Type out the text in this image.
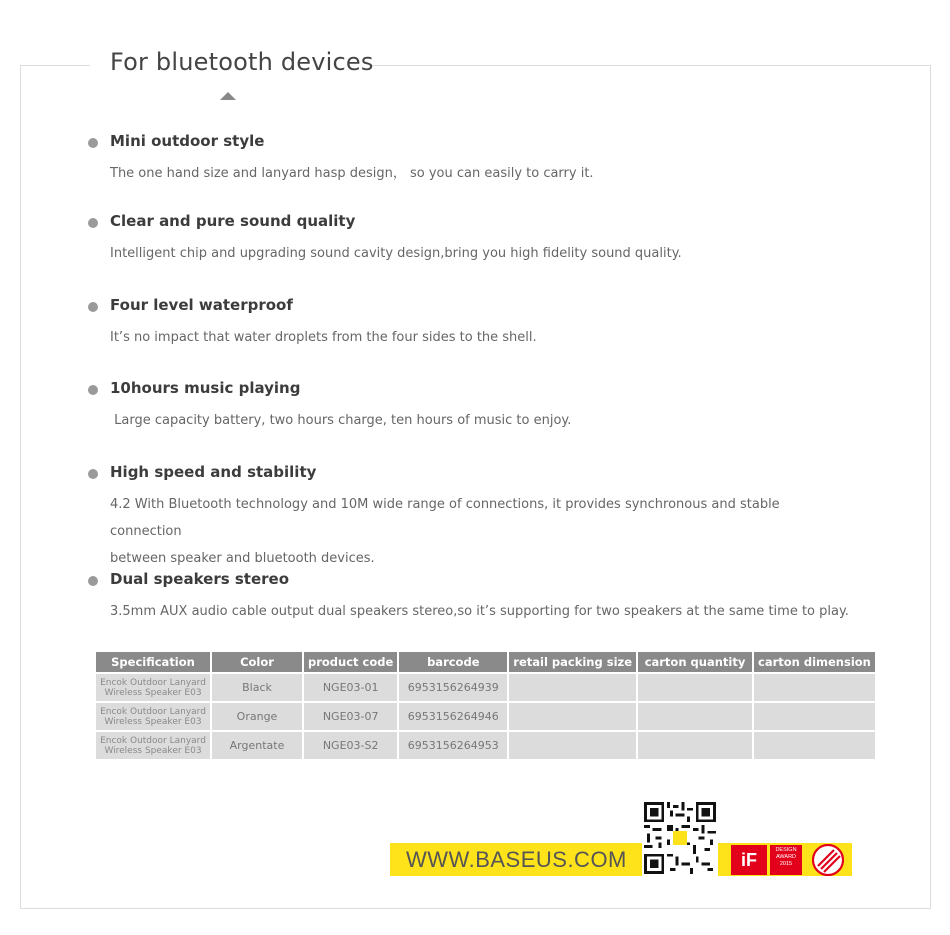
For bluetooth devices
Mini outdoor style
The one hand size and lanyard hasp design， so you can easily to carry it.
Clear and pure sound quality
Intelligent chip and upgrading sound cavity design,bring you high fidelity sound quality.
Four level waterproof
It’s no impact that water droplets from the four sides to the shell.
10hours music playing
Large capacity battery, two hours charge, ten hours of music to enjoy.
High speed and stability
4.2 With Bluetooth technology and 10M wide range of connections, it provides synchronous and stable connection
between speaker and bluetooth devices.
Dual speakers stereo
3.5mm AUX audio cable output dual speakers stereo,so it’s supporting for two speakers at the same time to play.
Specification	Color	product code	barcode	retail packing size	carton quantity	carton dimension

Encok Outdoor Lanyard
Wireless Speaker E03	Black	NGE03-01	6953156264939			

Encok Outdoor Lanyard
Wireless Speaker E03	Orange	NGE03-07	6953156264946			

Encok Outdoor Lanyard
Wireless Speaker E03	Argentate	NGE03-S2	6953156264953			
WWW.BASEUS.COM	iF	DESIGN
AWARD
2015
